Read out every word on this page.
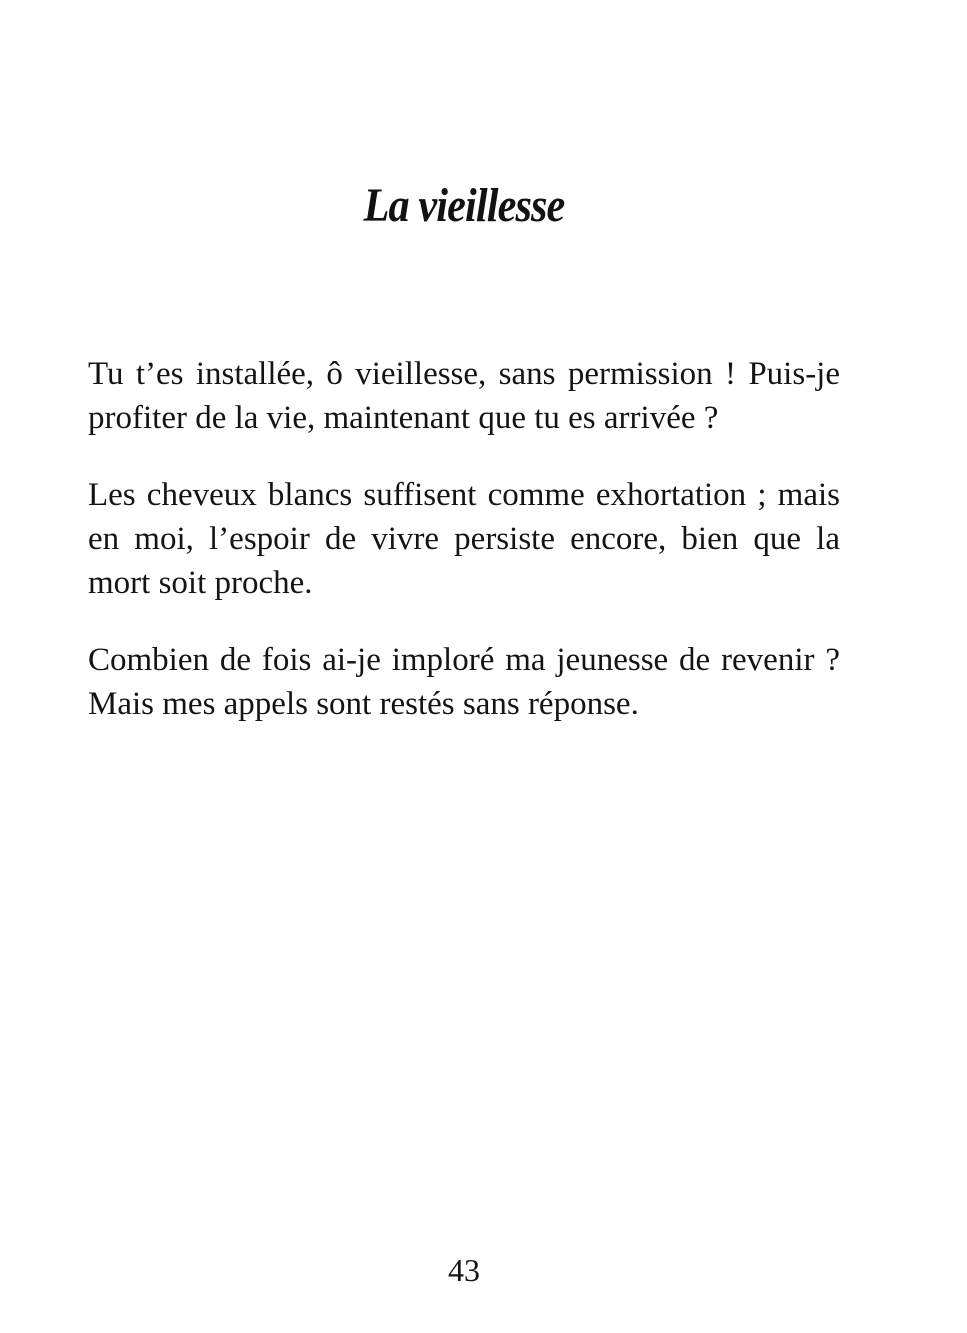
La vieillesse
Tu t’es installée, ô vieillesse, sans permission ! Puis-je
profiter de la vie, maintenant que tu es arrivée ?
Les cheveux blancs suffisent comme exhortation ; mais
en moi, l’espoir de vivre persiste encore, bien que la
mort soit proche.
Combien de fois ai-je imploré ma jeunesse de revenir ?
Mais mes appels sont restés sans réponse.
43
